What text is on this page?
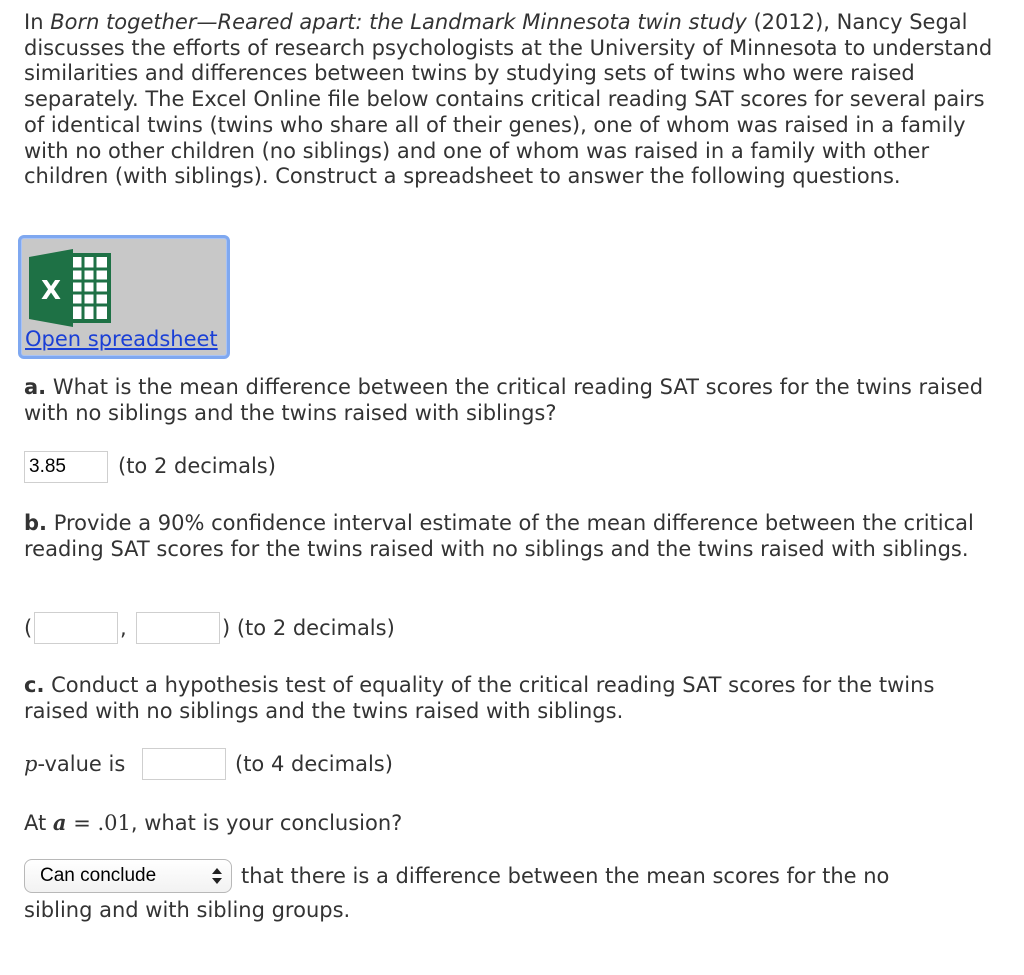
In Born together—Reared apart: the Landmark Minnesota twin study (2012), Nancy Segal discusses the efforts of research psychologists at the University of Minnesota to understand similarities and differences between twins by studying sets of twins who were raised separately. The Excel Online file below contains critical reading SAT scores for several pairs of identical twins (twins who share all of their genes), one of whom was raised in a family with no other children (no siblings) and one of whom was raised in a family with other children (with siblings). Construct a spreadsheet to answer the following questions.

X
Open spreadsheet

a. What is the mean difference between the critical reading SAT scores for the twins raised with no siblings and the twins raised with siblings?

3.85	(to 2 decimals)

b. Provide a 90% confidence interval estimate of the mean difference between the critical reading SAT scores for the twins raised with no siblings and the twins raised with siblings.

(	,	) (to 2 decimals)

c. Conduct a hypothesis test of equality of the critical reading SAT scores for the twins raised with no siblings and the twins raised with siblings.

p-value is	(to 4 decimals)
At a = .01, what is your conclusion?
Can conclude	that there is a difference between the mean scores for the no
sibling and with sibling groups.
